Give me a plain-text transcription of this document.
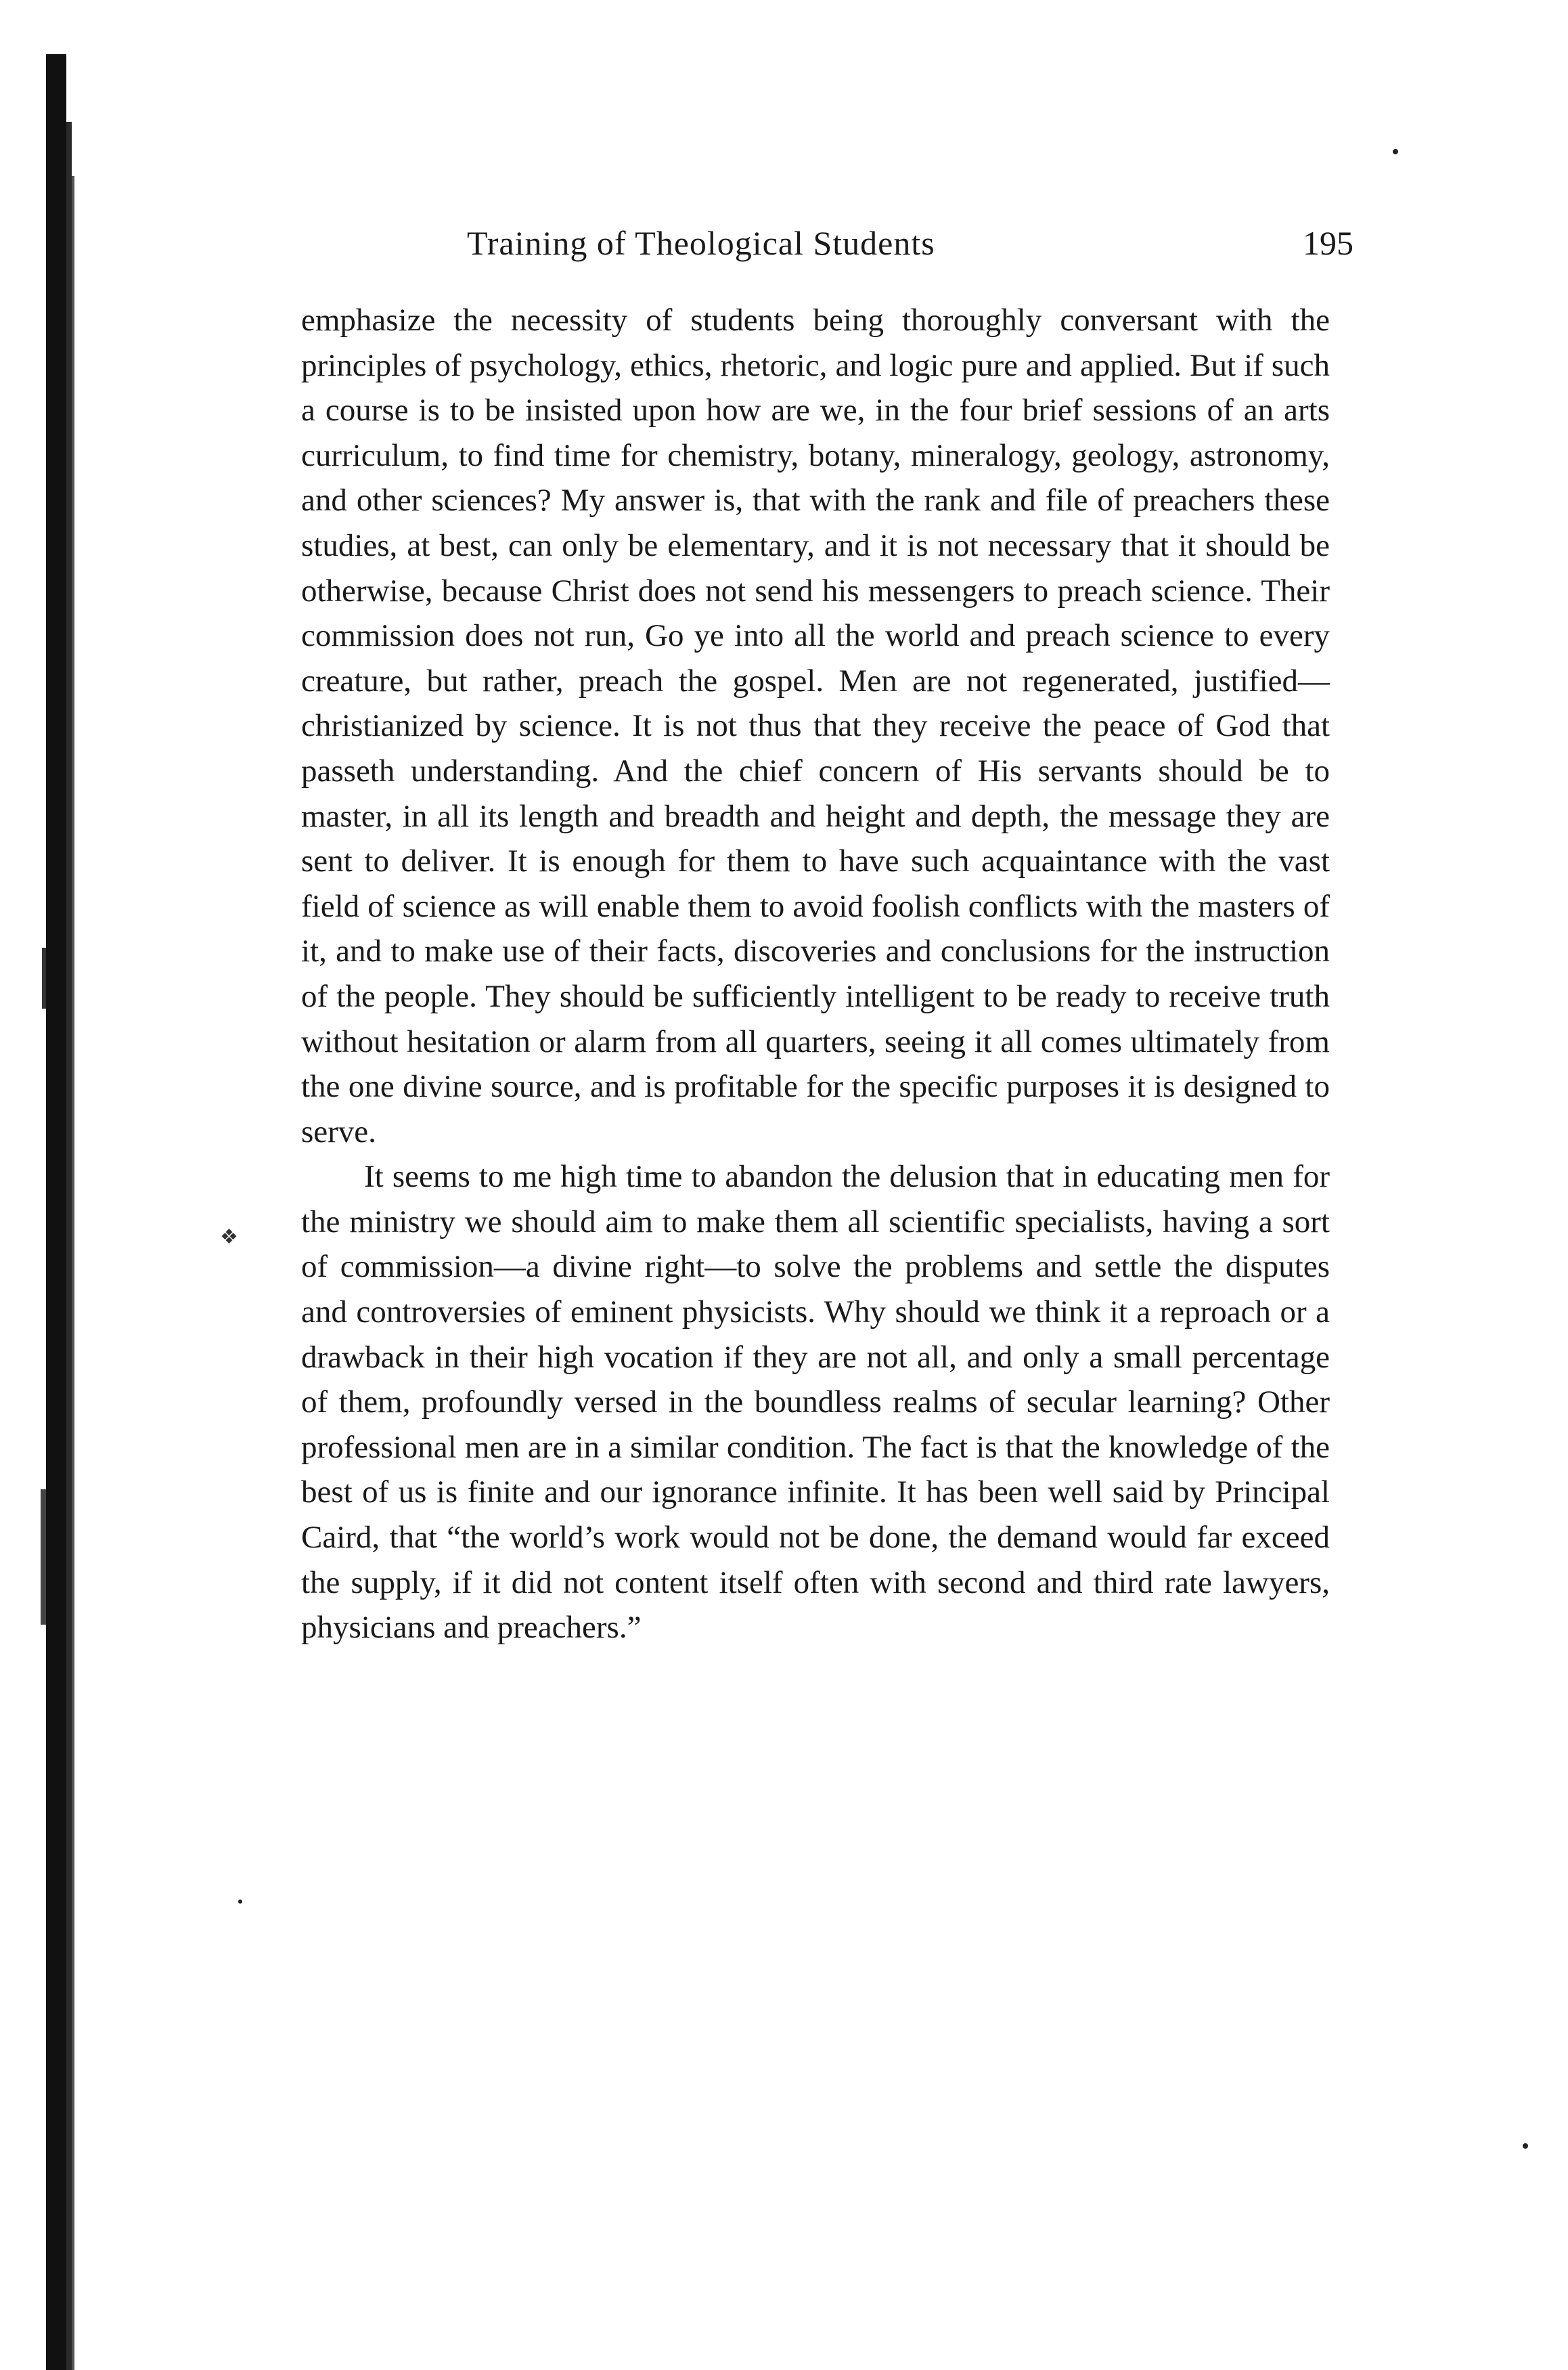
❖
Training of Theological Students	195

emphasize the necessity of students being thoroughly conversant with the principles of psychology, ethics, rhetoric, and logic pure and applied. But if such a course is to be insisted upon how are we, in the four brief sessions of an arts curriculum, to find time for chemistry, botany, mineralogy, geology, astronomy, and other sciences? My answer is, that with the rank and file of preachers these studies, at best, can only be elementary, and it is not necessary that it should be otherwise, because Christ does not send his messengers to preach science. Their commission does not run, Go ye into all the world and preach science to every creature, but rather, preach the gospel. Men are not regenerated, justified—christianized by science. It is not thus that they receive the peace of God that passeth understanding. And the chief concern of His servants should be to master, in all its length and breadth and height and depth, the message they are sent to deliver. It is enough for them to have such acquaintance with the vast field of science as will enable them to avoid foolish conflicts with the masters of it, and to make use of their facts, discoveries and conclusions for the instruction of the people. They should be sufficiently intelligent to be ready to receive truth without hesitation or alarm from all quarters, seeing it all comes ultimately from the one divine source, and is profitable for the specific purposes it is designed to serve.

It seems to me high time to abandon the delusion that in educating men for the ministry we should aim to make them all scientific specialists, having a sort of commission—a divine right—to solve the problems and settle the disputes and controversies of eminent physicists. Why should we think it a reproach or a drawback in their high vocation if they are not all, and only a small percentage of them, profoundly versed in the boundless realms of secular learning? Other professional men are in a similar condition. The fact is that the knowledge of the best of us is finite and our ignorance infinite. It has been well said by Principal Caird, that “the world’s work would not be done, the demand would far exceed the supply, if it did not content itself often with second and third rate lawyers, physicians and preachers.”
